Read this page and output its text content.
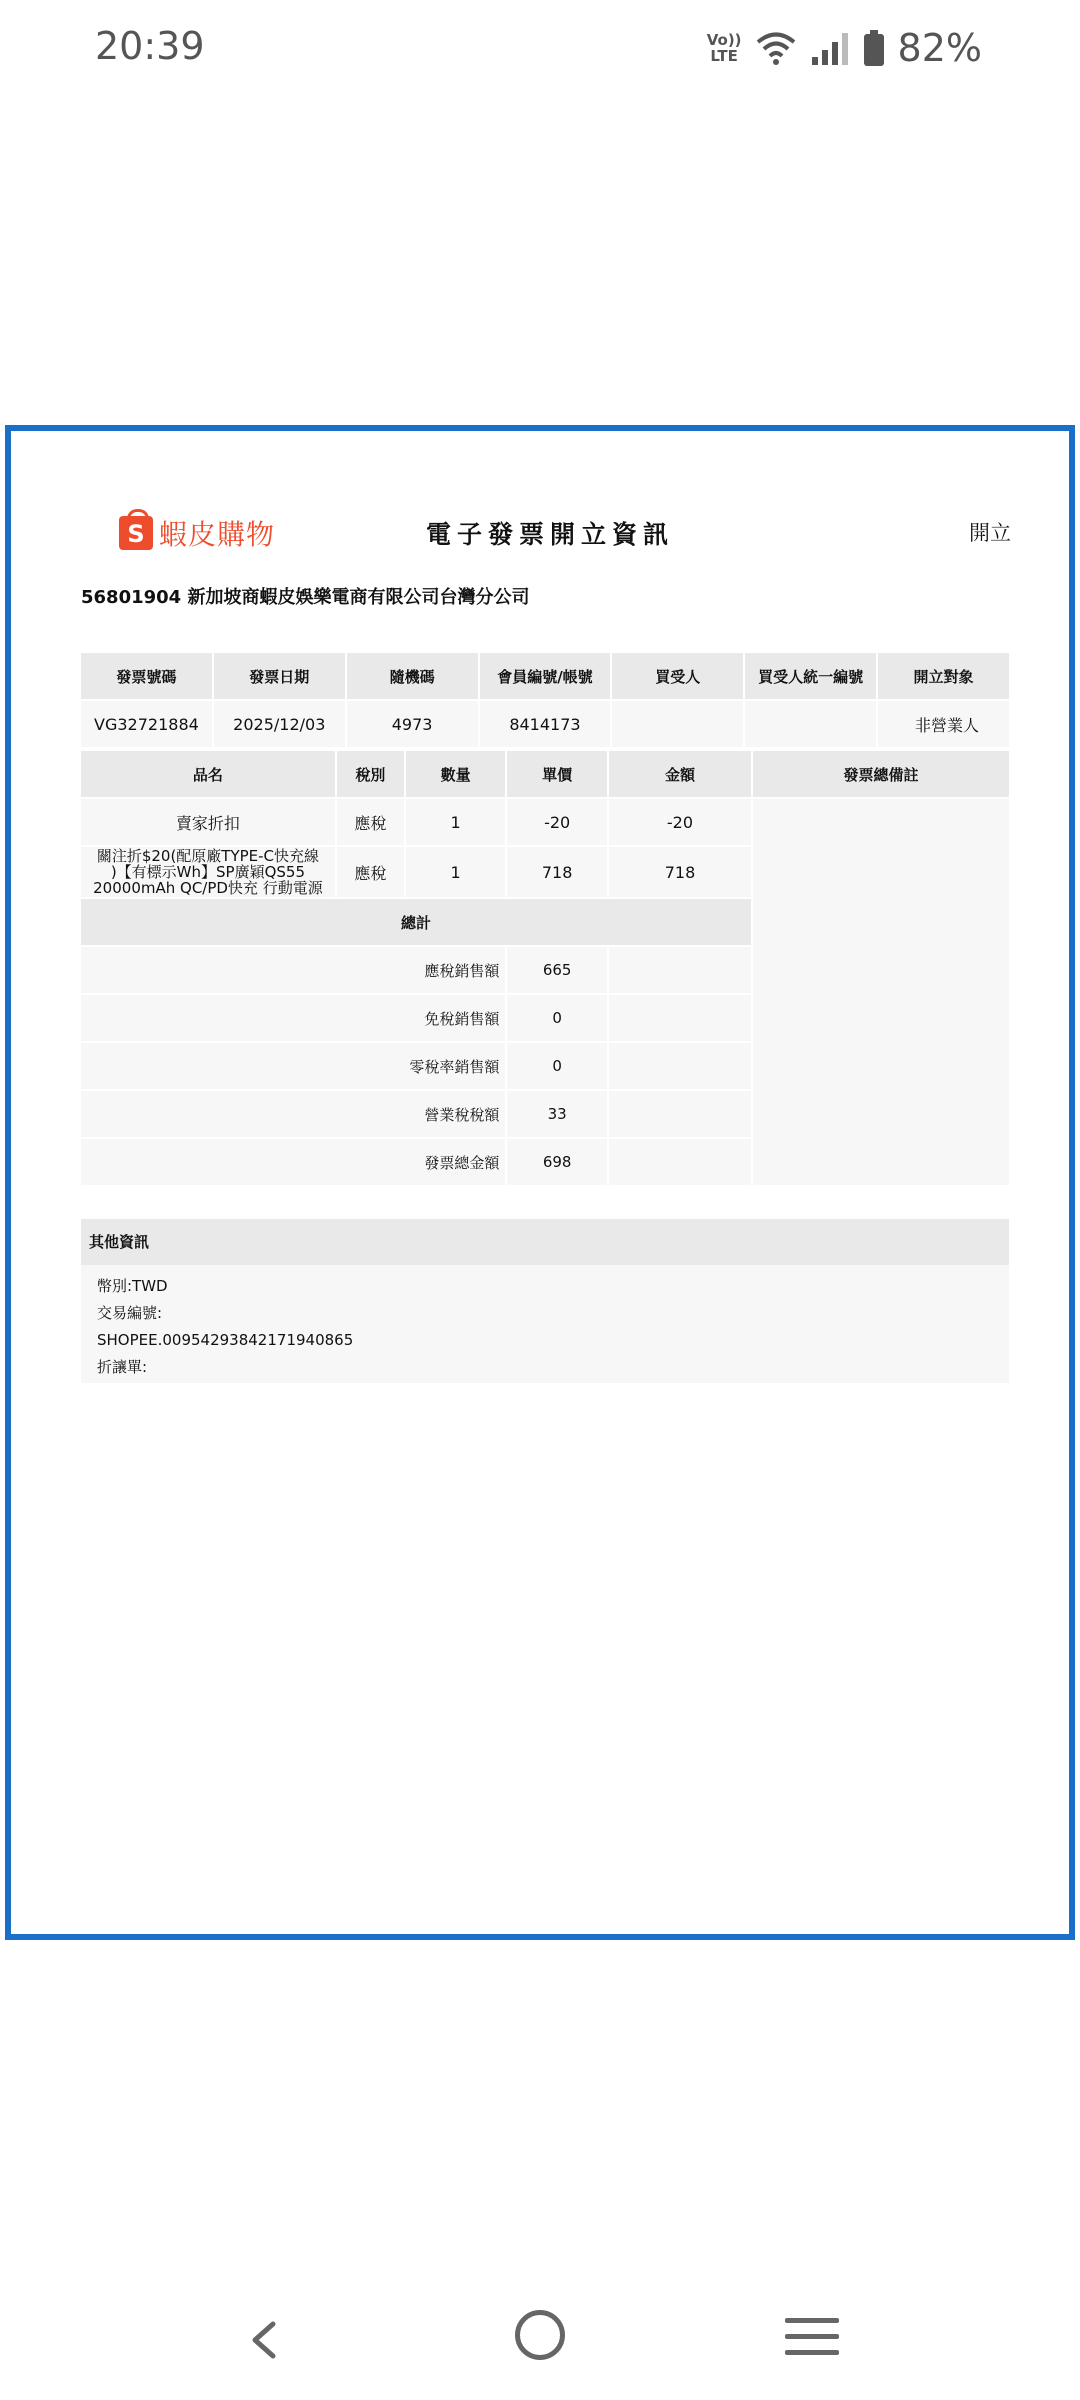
20:39	Vo))
LTE	82%
S 蝦皮購物	電子發票開立資訊	開立
56801904 新加坡商蝦皮娛樂電商有限公司台灣分公司
發票號碼	發票日期	隨機碼	會員編號/帳號	買受人	買受人統一編號	開立對象
VG32721884	2025/12/03	4973	8414173			非營業人
品名	稅別	數量	單價	金額	發票總備註
賣家折扣	應稅	1	-20	-20	

關注折$20(配原廠TYPE-C快充線
)【有標示Wh】SP廣穎QS55
20000mAh QC/PD快充 行動電源	應稅	1	718	718	
總計					
應稅銷售額			665		
免稅銷售額			0		
零稅率銷售額			0		
營業稅稅額			33		
發票總金額			698		
其他資訊
幣別:TWD
交易編號:
SHOPEE.00954293842171940865
折讓單:
